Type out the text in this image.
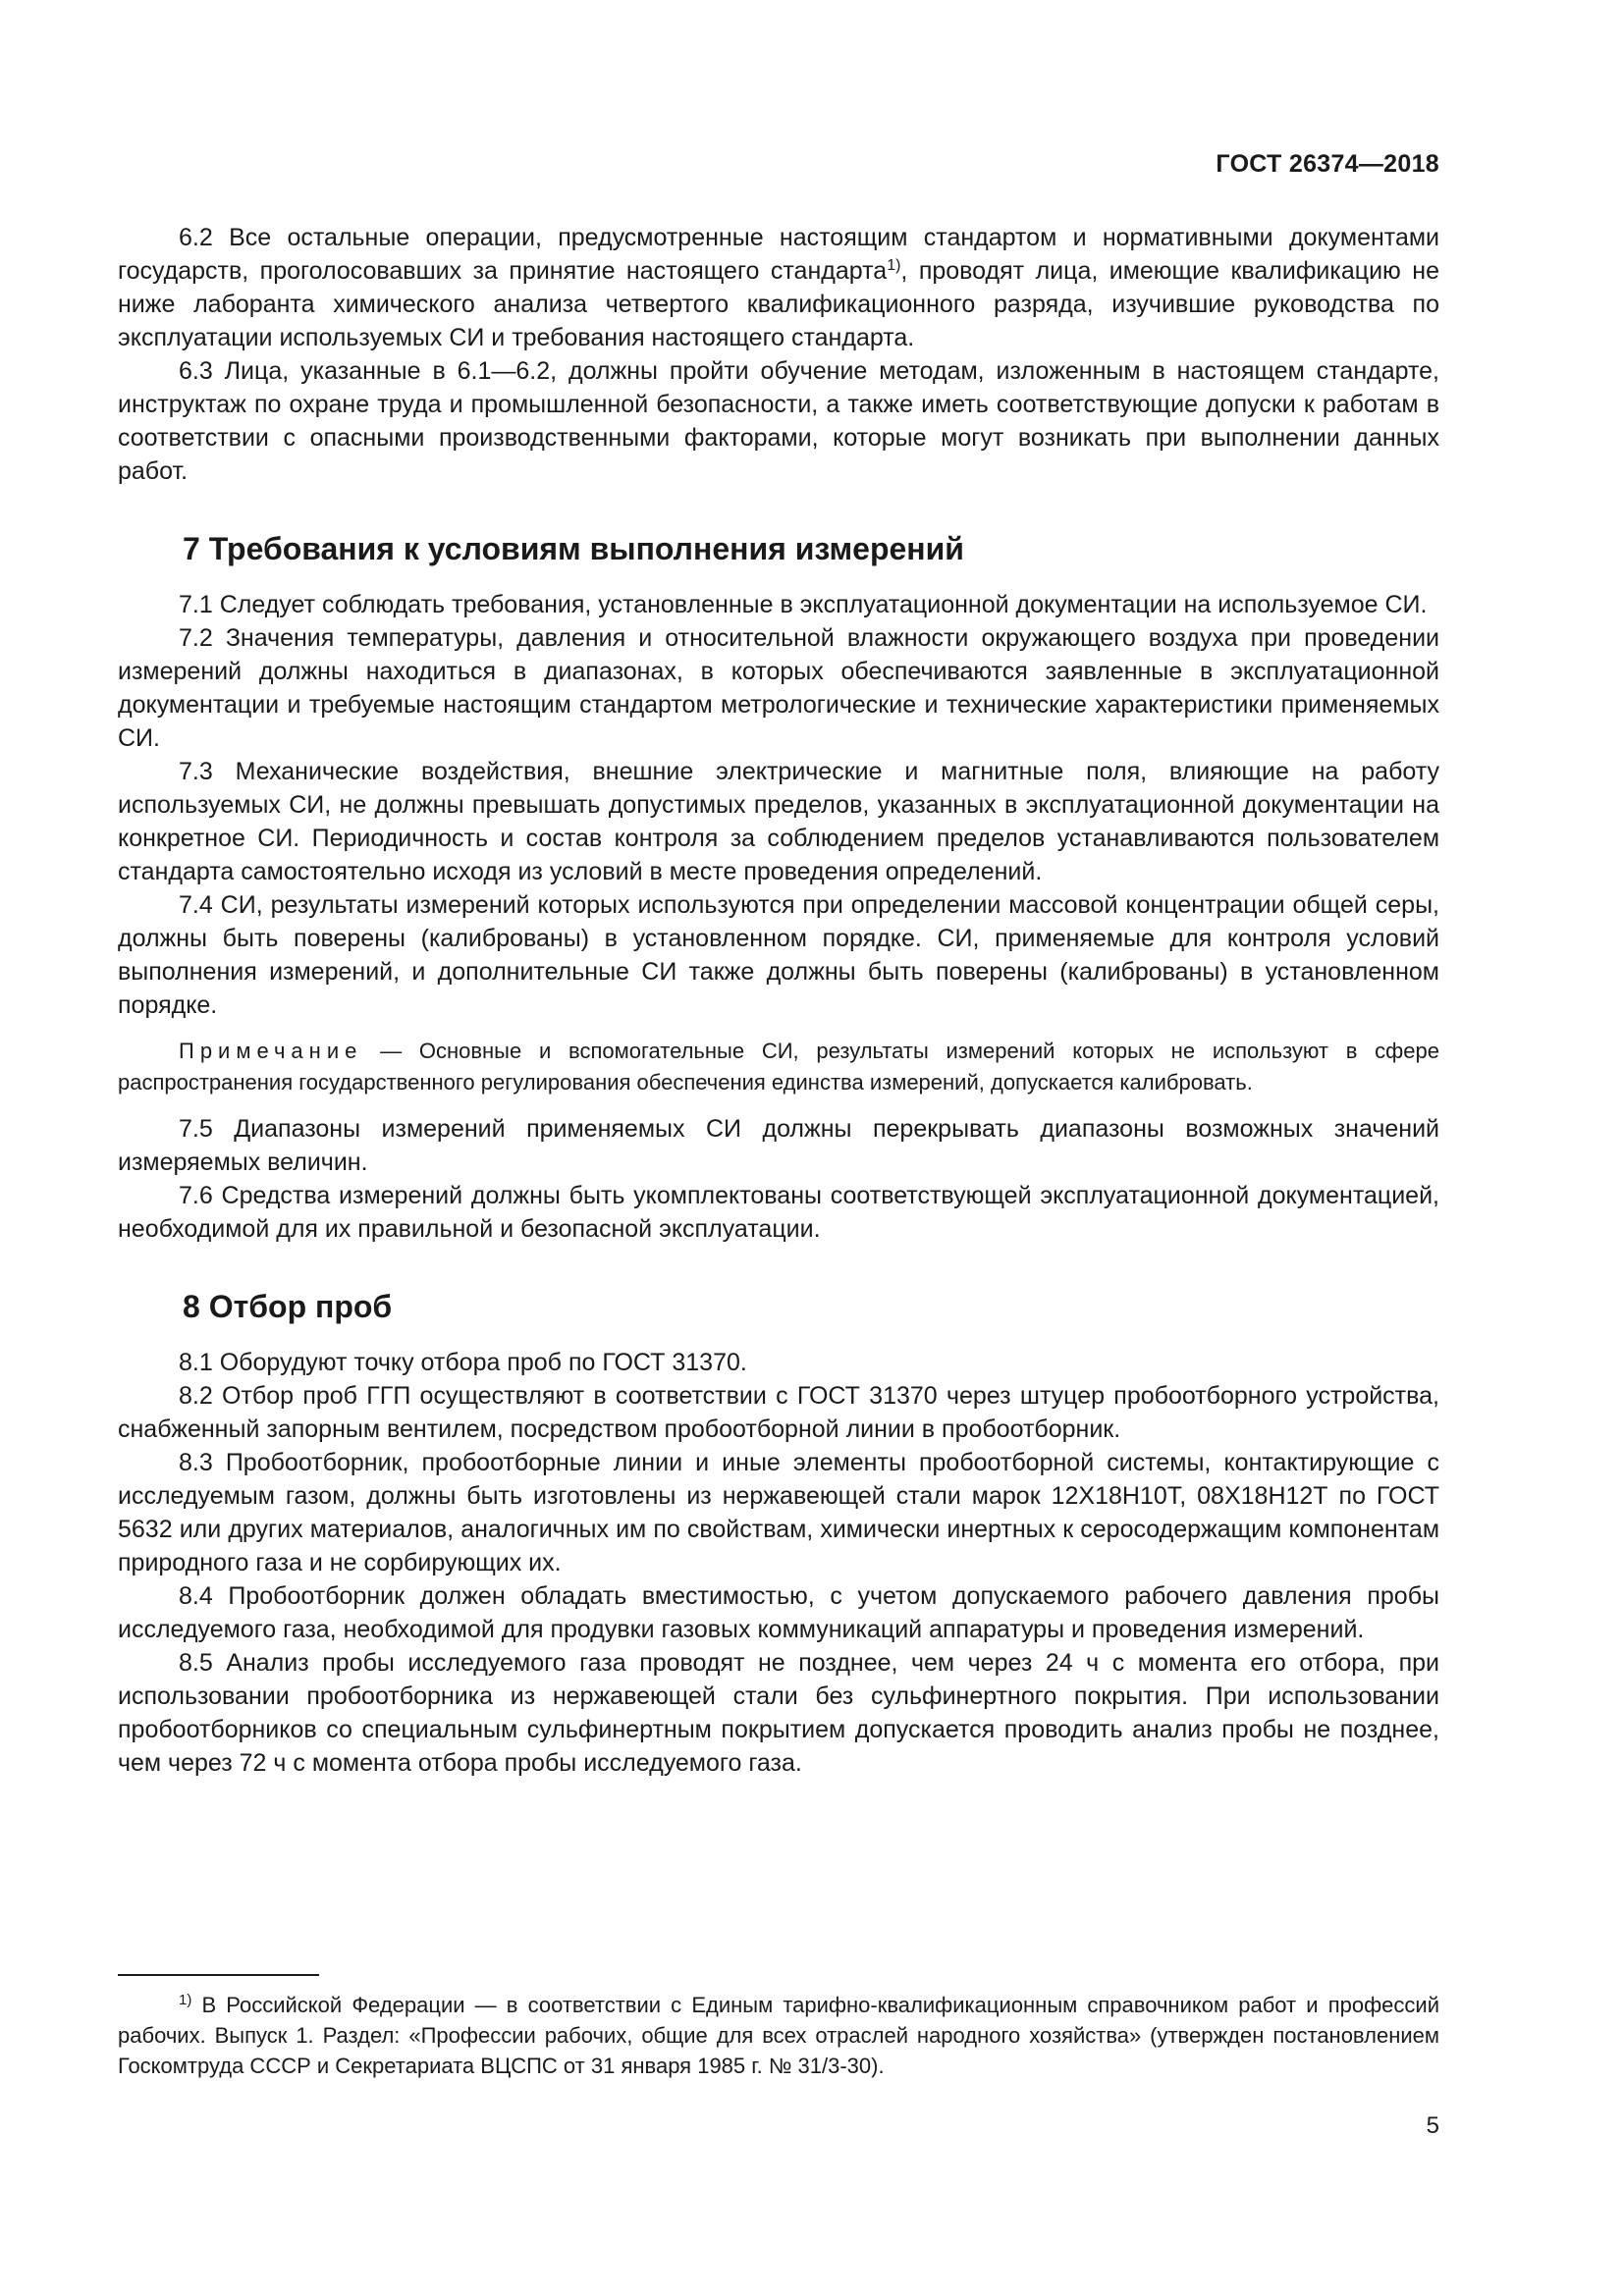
ГОСТ 26374—2018

6.2 Все остальные операции, предусмотренные настоящим стандартом и нормативными документами государств, проголосовавших за принятие настоящего стандарта$^{1)}$, проводят лица, имеющие квалификацию не ниже лаборанта химического анализа четвертого квалификационного разряда, изучившие руководства по эксплуатации используемых СИ и требования настоящего стандарта.

6.3 Лица, указанные в 6.1—6.2, должны пройти обучение методам, изложенным в настоящем стандарте, инструктаж по охране труда и промышленной безопасности, а также иметь соответствующие допуски к работам в соответствии с опасными производственными факторами, которые могут возникать при выполнении данных работ.

7 Требования к условиям выполнения измерений

7.1 Следует соблюдать требования, установленные в эксплуатационной документации на используемое СИ.

7.2 Значения температуры, давления и относительной влажности окружающего воздуха при проведении измерений должны находиться в диапазонах, в которых обеспечиваются заявленные в эксплуатационной документации и требуемые настоящим стандартом метрологические и технические характеристики применяемых СИ.

7.3 Механические воздействия, внешние электрические и магнитные поля, влияющие на работу используемых СИ, не должны превышать допустимых пределов, указанных в эксплуатационной документации на конкретное СИ. Периодичность и состав контроля за соблюдением пределов устанавливаются пользователем стандарта самостоятельно исходя из условий в месте проведения определений.

7.4 СИ, результаты измерений которых используются при определении массовой концентрации общей серы, должны быть поверены (калиброваны) в установленном порядке. СИ, применяемые для контроля условий выполнения измерений, и дополнительные СИ также должны быть поверены (калиброваны) в установленном порядке.

Примечание — Основные и вспомогательные СИ, результаты измерений которых не используют в сфере распространения государственного регулирования обеспечения единства измерений, допускается калибровать.

7.5 Диапазоны измерений применяемых СИ должны перекрывать диапазоны возможных значений измеряемых величин.

7.6 Средства измерений должны быть укомплектованы соответствующей эксплуатационной документацией, необходимой для их правильной и безопасной эксплуатации.

8 Отбор проб

8.1 Оборудуют точку отбора проб по ГОСТ 31370.

8.2 Отбор проб ГГП осуществляют в соответствии с ГОСТ 31370 через штуцер пробоотборного устройства, снабженный запорным вентилем, посредством пробоотборной линии в пробоотборник.

8.3 Пробоотборник, пробоотборные линии и иные элементы пробоотборной системы, контактирующие с исследуемым газом, должны быть изготовлены из нержавеющей стали марок 12Х18Н10Т, 08Х18Н12Т по ГОСТ 5632 или других материалов, аналогичных им по свойствам, химически инертных к серосодержащим компонентам природного газа и не сорбирующих их.

8.4 Пробоотборник должен обладать вместимостью, с учетом допускаемого рабочего давления пробы исследуемого газа, необходимой для продувки газовых коммуникаций аппаратуры и проведения измерений.

8.5 Анализ пробы исследуемого газа проводят не позднее, чем через 24 ч с момента его отбора, при использовании пробоотборника из нержавеющей стали без сульфинертного покрытия. При использовании пробоотборников со специальным сульфинертным покрытием допускается проводить анализ пробы не позднее, чем через 72 ч с момента отбора пробы исследуемого газа.

$^{1)}$ В Российской Федерации — в соответствии с Единым тарифно-квалификационным справочником работ и профессий рабочих. Выпуск 1. Раздел: «Профессии рабочих, общие для всех отраслей народного хозяйства» (утвержден постановлением Госкомтруда СССР и Секретариата ВЦСПС от 31 января 1985 г. № 31/3-30).
5
